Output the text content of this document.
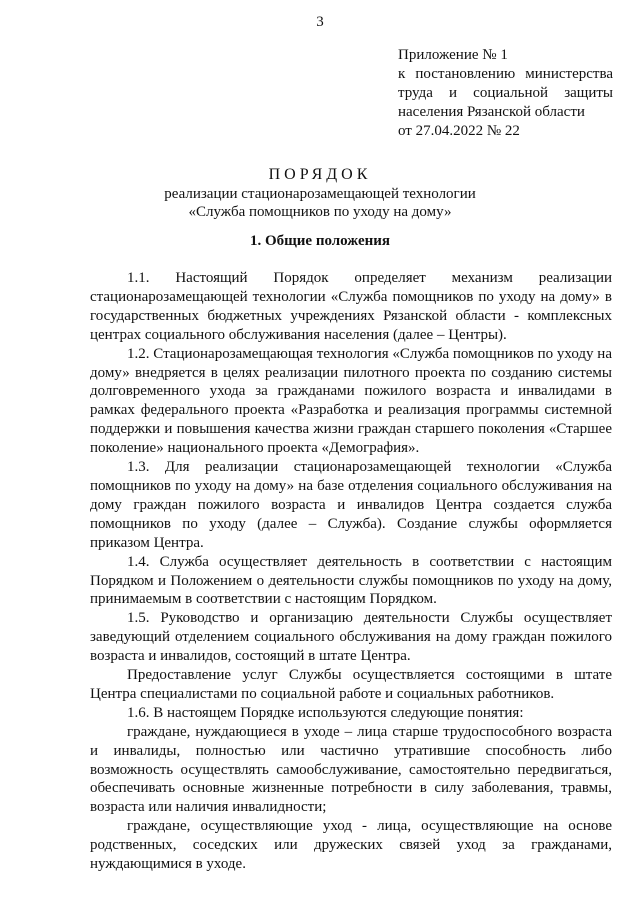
3
Приложение № 1
к постановлению министерства
труда и социальной защиты
населения Рязанской области
от 27.04.2022 № 22
ПОРЯДОК
реализации стационарозамещающей технологии
«Служба помощников по уходу на дому»
1. Общие положения

1.1. Настоящий Порядок определяет механизм реализации стационарозамещающей технологии «Служба помощников по уходу на дому» в государственных бюджетных учреждениях Рязанской области - комплексных центрах социального обслуживания населения (далее – Центры).

1.2. Стационарозамещающая технология «Служба помощников по уходу на дому» внедряется в целях реализации пилотного проекта по созданию системы долговременного ухода за гражданами пожилого возраста и инвалидами в рамках федерального проекта «Разработка и реализация программы системной поддержки и повышения качества жизни граждан старшего поколения «Старшее поколение» национального проекта «Демография».

1.3. Для реализации стационарозамещающей технологии «Служба помощников по уходу на дому» на базе отделения социального обслуживания на дому граждан пожилого возраста и инвалидов Центра создается служба помощников по уходу (далее – Служба). Создание службы оформляется приказом Центра.

1.4. Служба осуществляет деятельность в соответствии с настоящим Порядком и Положением о деятельности службы помощников по уходу на дому, принимаемым в соответствии с настоящим Порядком.

1.5. Руководство и организацию деятельности Службы осуществляет заведующий отделением социального обслуживания на дому граждан пожилого возраста и инвалидов, состоящий в штате Центра.

Предоставление услуг Службы осуществляется состоящими в штате Центра специалистами по социальной работе и социальных работников.

1.6. В настоящем Порядке используются следующие понятия:

граждане, нуждающиеся в уходе – лица старше трудоспособного возраста и инвалиды, полностью или частично утратившие способность либо возможность осуществлять самообслуживание, самостоятельно передвигаться, обеспечивать основные жизненные потребности в силу заболевания, травмы, возраста или наличия инвалидности;

граждане, осуществляющие уход - лица, осуществляющие на основе родственных, соседских или дружеских связей уход за гражданами, нуждающимися в уходе.
